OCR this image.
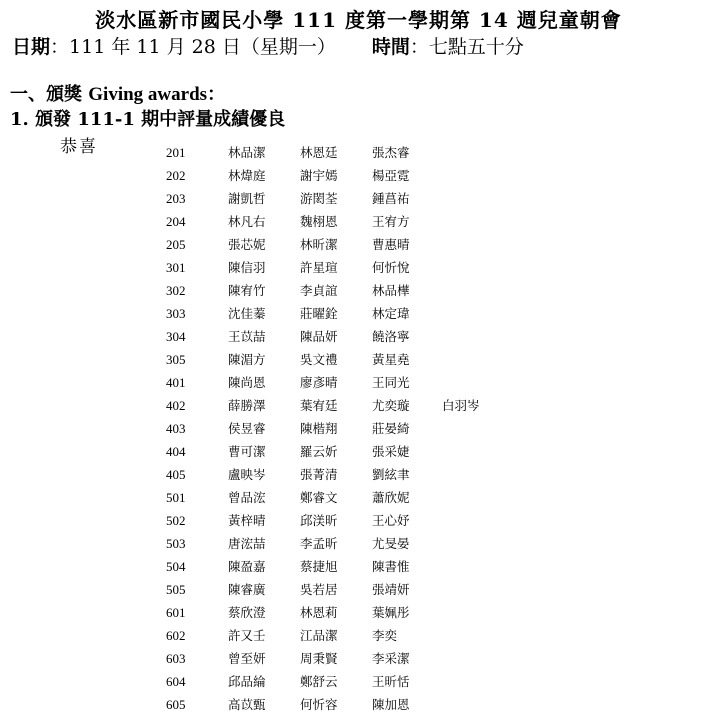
淡水區新市國民小學 111 度第一學期第 14 週兒童朝會
日期：111 年 11 月 28 日（星期一） 時間：七點五十分
一、頒獎 Giving awards：
1. 頒發 111-1 期中評量成績優良
恭喜	201	林品潔	林恩廷	張杰睿
202	林煒庭	謝宇嫣	楊亞霓
203	謝凱哲	游閎荃	鍾菖祐
204	林凡右	魏栩恩	王宥方
205	張芯妮	林昕潔	曹惠晴
301	陳信羽	許星瑄	何忻悅
302	陳宥竹	李貞誼	林品樺
303	沈佳蓁	莊曜銓	林定瑋
304	王苡喆	陳品妍	饒洛寧
305	陳湄方	吳文禮	黃星堯
401	陳尚恩	廖彥晴	王同光
402	薛勝澤	葉宥廷	尤奕璇	白羽岑
403	侯昱睿	陳楷翔	莊晏綺
404	曹可潔	羅云妡	張采婕
405	盧映岑	張菁清	劉絃聿
501	曾品浤	鄭睿文	蕭欣妮
502	黃梓晴	邱渼昕	王心妤
503	唐浤喆	李孟昕	尤旻晏
504	陳盈嘉	蔡捷旭	陳書惟
505	陳睿廣	吳若居	張靖妍
601	蔡欣澄	林恩莉	葉姵彤
602	許又壬	江品潔	李奕
603	曾至妍	周秉賢	李采潔
604	邱品綸	鄭舒云	王昕恬
605	高苡甄	何忻容	陳加恩
